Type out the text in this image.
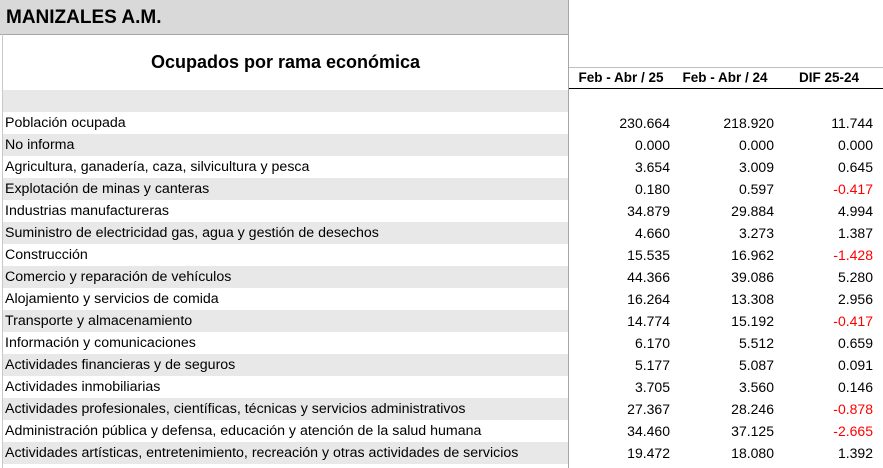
MANIZALES A.M.
Ocupados por rama económica
Feb - Abr / 25	Feb - Abr / 24	DIF 25-24
Población ocupada	230.664	218.920	11.744
No informa	0.000	0.000	0.000
Agricultura, ganadería, caza, silvicultura y pesca	3.654	3.009	0.645
Explotación de minas y canteras	0.180	0.597	-0.417
Industrias manufactureras	34.879	29.884	4.994
Suministro de electricidad gas, agua y gestión de desechos	4.660	3.273	1.387
Construcción	15.535	16.962	-1.428
Comercio y reparación de vehículos	44.366	39.086	5.280
Alojamiento y servicios de comida	16.264	13.308	2.956
Transporte y almacenamiento	14.774	15.192	-0.417
Información y comunicaciones	6.170	5.512	0.659
Actividades financieras y de seguros	5.177	5.087	0.091
Actividades inmobiliarias	3.705	3.560	0.146
Actividades profesionales, científicas, técnicas y servicios administrativos	27.367	28.246	-0.878
Administración pública y defensa, educación y atención de la salud humana	34.460	37.125	-2.665
Actividades artísticas, entretenimiento, recreación y otras actividades de servicios	19.472	18.080	1.392
